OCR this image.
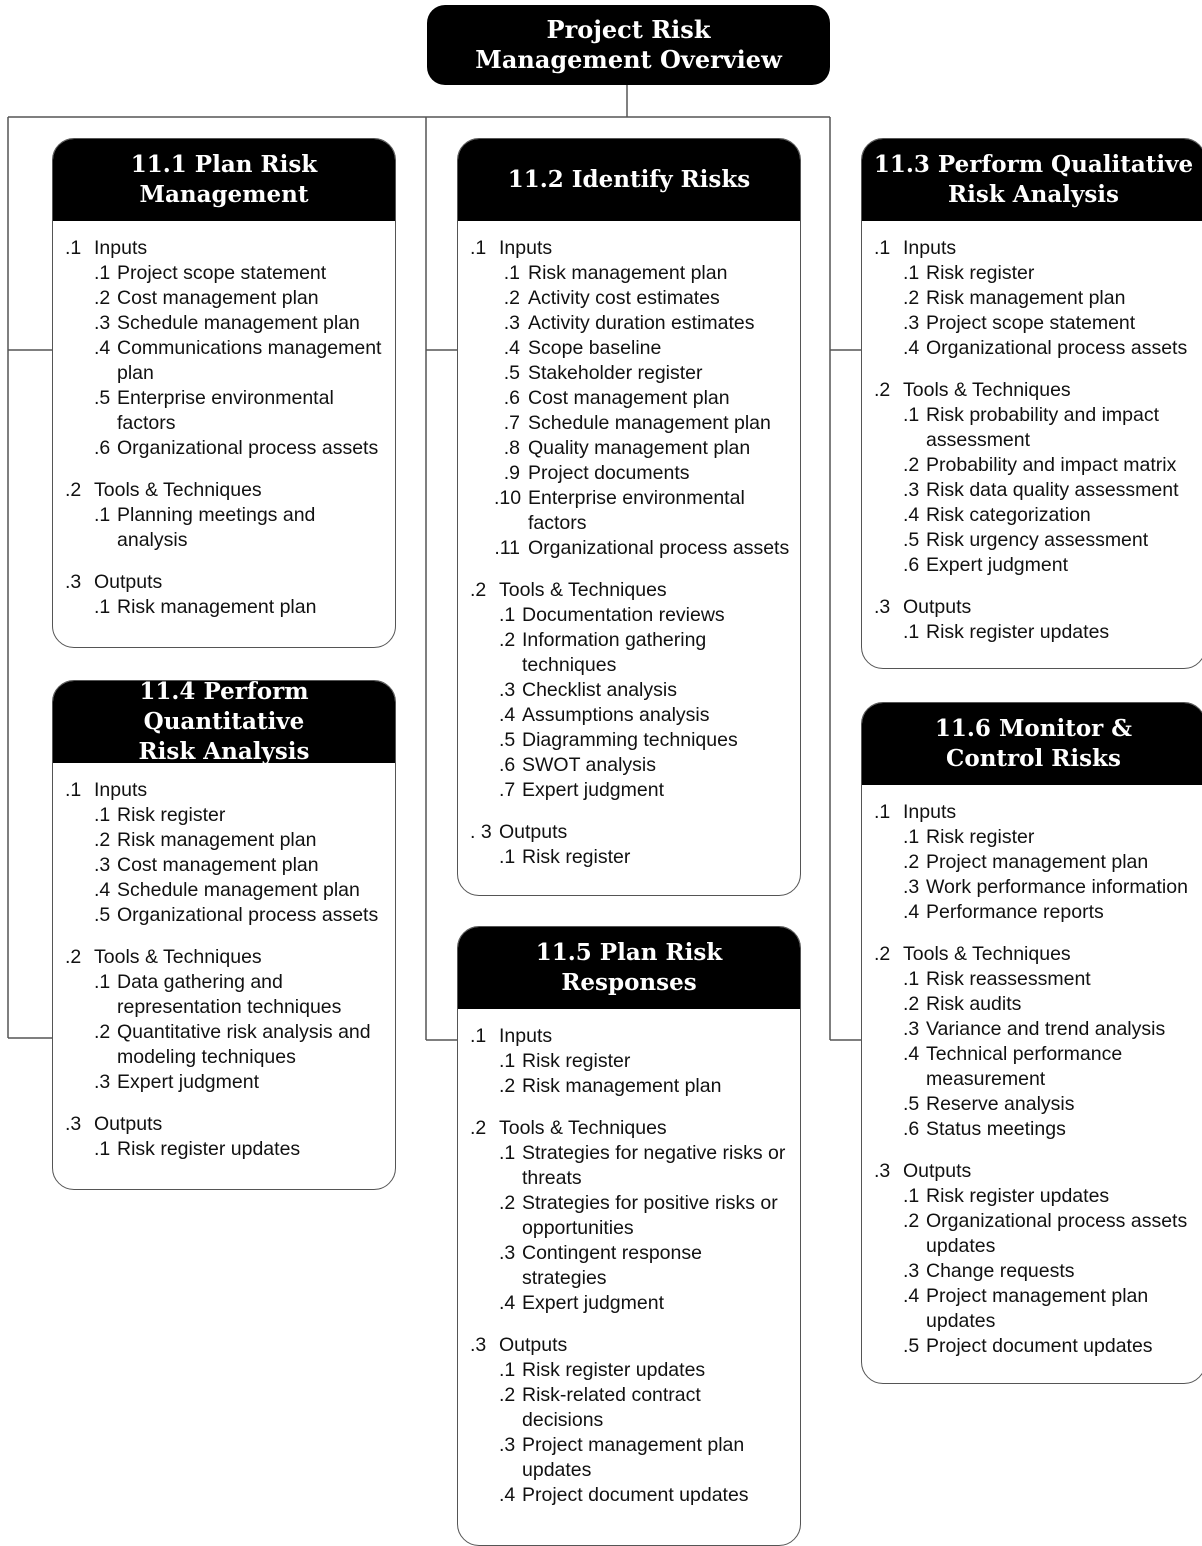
Project Risk
Management Overview
11.1 Plan Risk
Management
.1 Inputs
.1 Project scope statement
.2 Cost management plan
.3 Schedule management plan
.4 Communications management
plan
.5 Enterprise environmental
factors
.6 Organizational process assets
.2 Tools & Techniques
.1 Planning meetings and
analysis
.3 Outputs
.1 Risk management plan
11.2 Identify Risks
.1 Inputs
.1 Risk management plan
.2 Activity cost estimates
.3 Activity duration estimates
.4 Scope baseline
.5 Stakeholder register
.6 Cost management plan
.7 Schedule management plan
.8 Quality management plan
.9 Project documents
.10 Enterprise environmental
factors
.11 Organizational process assets
.2 Tools & Techniques
.1 Documentation reviews
.2 Information gathering
techniques
.3 Checklist analysis
.4 Assumptions analysis
.5 Diagramming techniques
.6 SWOT analysis
.7 Expert judgment
. 3 Outputs
.1 Risk register
11.3 Perform Qualitative
Risk Analysis
.1 Inputs
.1 Risk register
.2 Risk management plan
.3 Project scope statement
.4 Organizational process assets
.2 Tools & Techniques
.1 Risk probability and impact
assessment
.2 Probability and impact matrix
.3 Risk data quality assessment
.4 Risk categorization
.5 Risk urgency assessment
.6 Expert judgment
.3 Outputs
.1 Risk register updates
11.4 Perform Quantitative
Risk Analysis
.1 Inputs
.1 Risk register
.2 Risk management plan
.3 Cost management plan
.4 Schedule management plan
.5 Organizational process assets
.2 Tools & Techniques
.1 Data gathering and
representation techniques
.2 Quantitative risk analysis and
modeling techniques
.3 Expert judgment
.3 Outputs
.1 Risk register updates
11.5 Plan Risk
Responses
.1 Inputs
.1 Risk register
.2 Risk management plan
.2 Tools & Techniques
.1 Strategies for negative risks or
threats
.2 Strategies for positive risks or
opportunities
.3 Contingent response
strategies
.4 Expert judgment
.3 Outputs
.1 Risk register updates
.2 Risk-related contract
decisions
.3 Project management plan
updates
.4 Project document updates
11.6 Monitor &
Control Risks
.1 Inputs
.1 Risk register
.2 Project management plan
.3 Work performance information
.4 Performance reports
.2 Tools & Techniques
.1 Risk reassessment
.2 Risk audits
.3 Variance and trend analysis
.4 Technical performance
measurement
.5 Reserve analysis
.6 Status meetings
.3 Outputs
.1 Risk register updates
.2 Organizational process assets
updates
.3 Change requests
.4 Project management plan
updates
.5 Project document updates
